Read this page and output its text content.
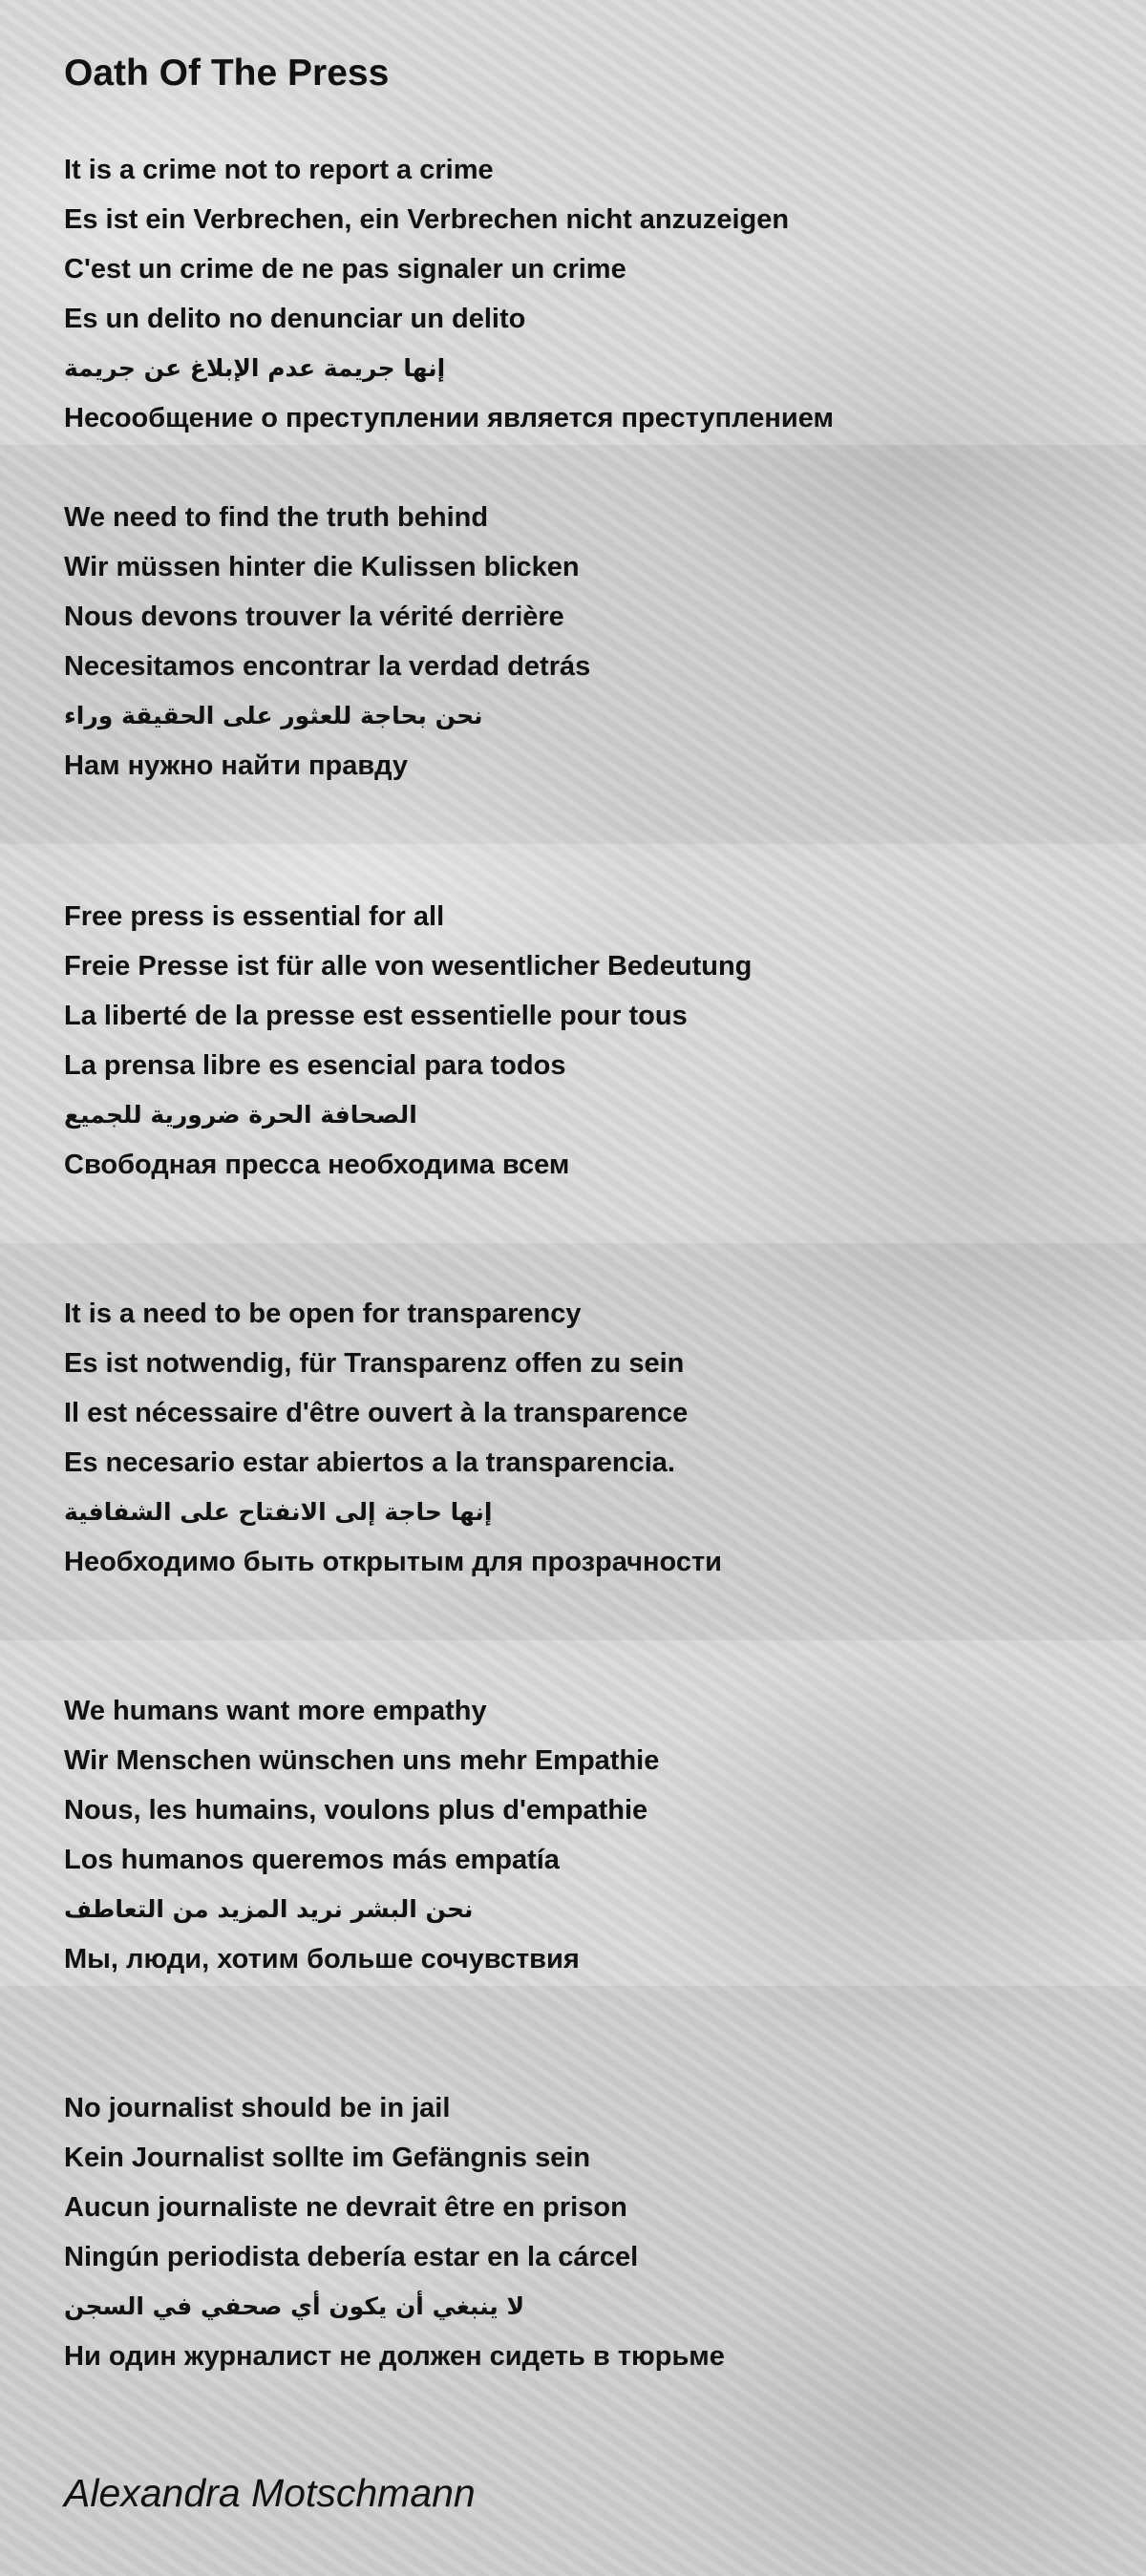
Oath Of The Press
It is a crime not to report a crime
Es ist ein Verbrechen, ein Verbrechen nicht anzuzeigen
C'est un crime de ne pas signaler un crime
Es un delito no denunciar un delito
إنها جريمة عدم الإبلاغ عن جريمة
Несообщение о преступлении является преступлением
We need to find the truth behind
Wir müssen hinter die Kulissen blicken
Nous devons trouver la vérité derrière
Necesitamos encontrar la verdad detrás
نحن بحاجة للعثور على الحقيقة وراء
Нам нужно найти правду
Free press is essential for all
Freie Presse ist für alle von wesentlicher Bedeutung
La liberté de la presse est essentielle pour tous
La prensa libre es esencial para todos
الصحافة الحرة ضرورية للجميع
Свободная пресса необходима всем
It is a need to be open for transparency
Es ist notwendig, für Transparenz offen zu sein
Il est nécessaire d'être ouvert à la transparence
Es necesario estar abiertos a la transparencia.
إنها حاجة إلى الانفتاح على الشفافية
Необходимо быть открытым для прозрачности
We humans want more empathy
Wir Menschen wünschen uns mehr Empathie
Nous, les humains, voulons plus d'empathie
Los humanos queremos más empatía
نحن البشر نريد المزيد من التعاطف
Мы, люди, хотим больше сочувствия
No journalist should be in jail
Kein Journalist sollte im Gefängnis sein
Aucun journaliste ne devrait être en prison
Ningún periodista debería estar en la cárcel
لا ينبغي أن يكون أي صحفي في السجن
Ни один журналист не должен сидеть в тюрьме
Alexandra Motschmann
